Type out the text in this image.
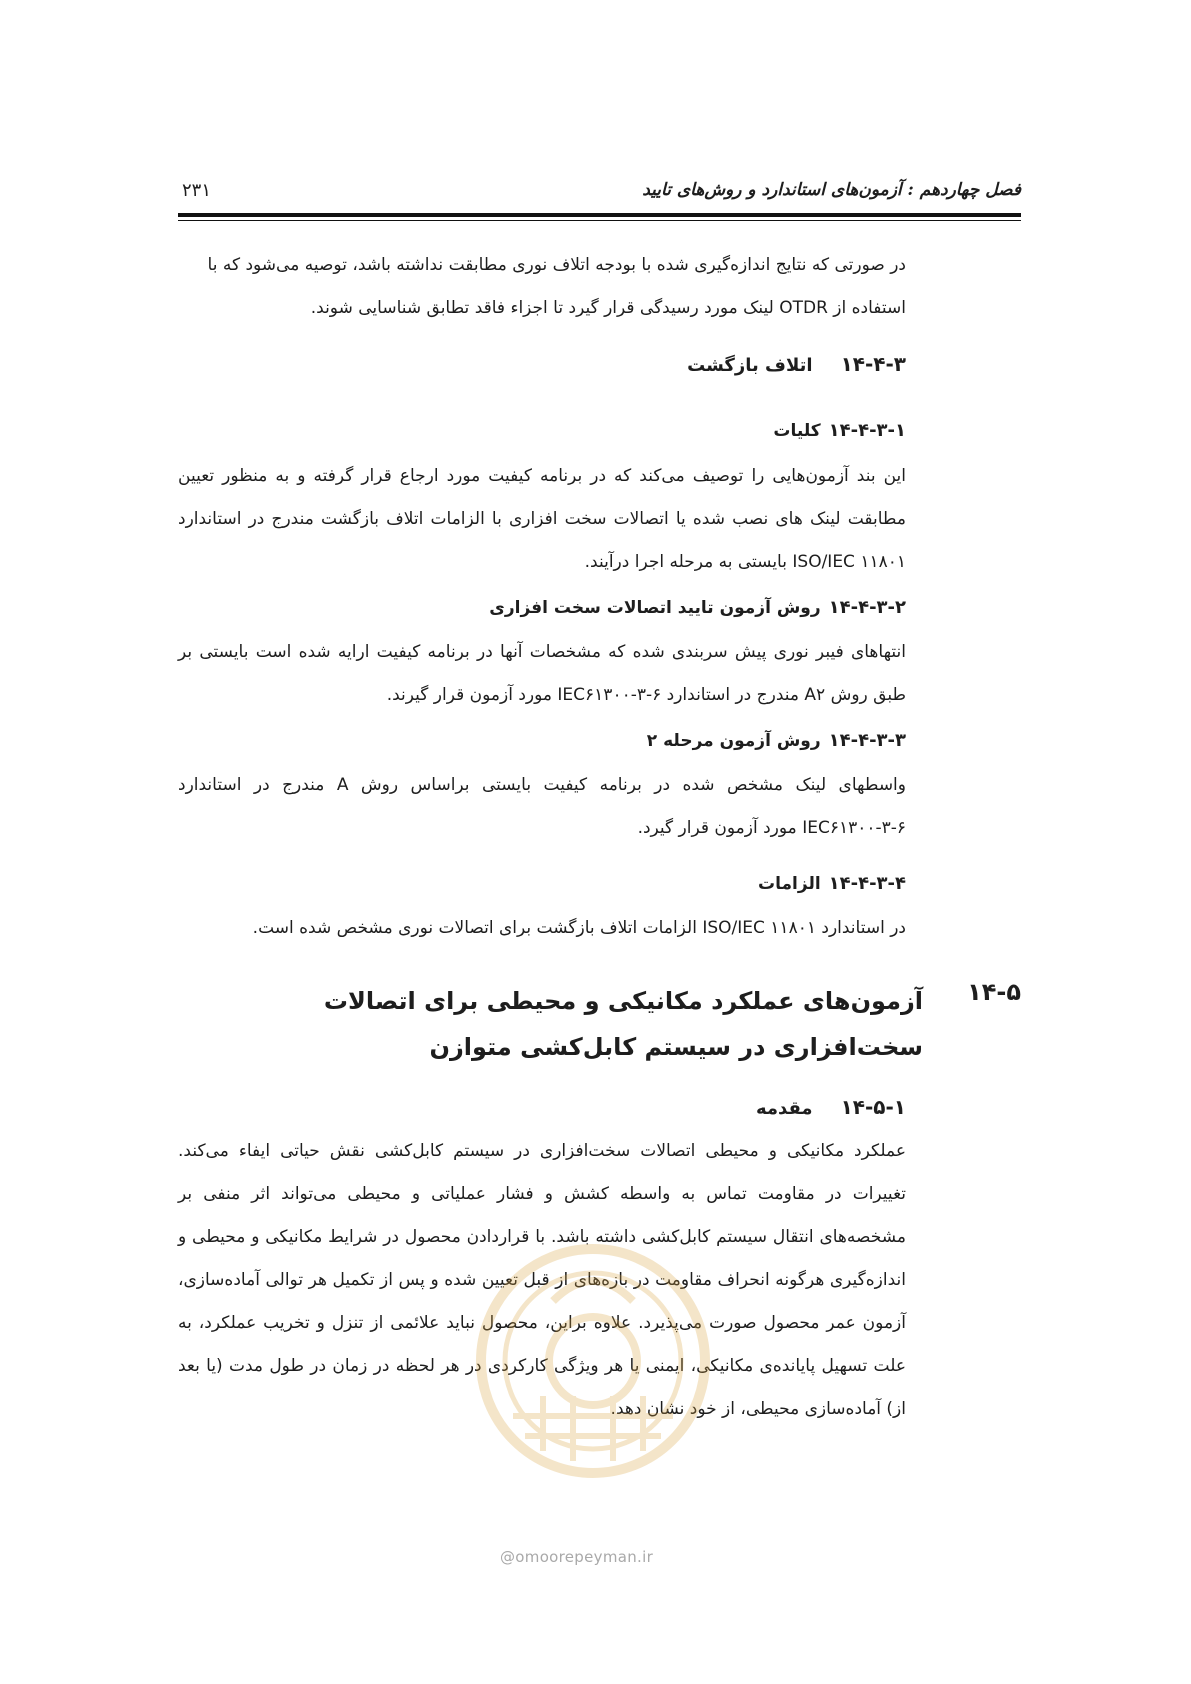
فصل چهاردهم : آزمون‌های استاندارد و روش‌های تایید
۲۳۱

در صورتی که نتایج اندازه‌گیری شده با بودجه اتلاف نوری مطابقت نداشته باشد، توصیه می‌شود که با استفاده از OTDR لینک مورد رسیدگی قرار گیرد تا اجزاء فاقد تطابق شناسایی شوند.

۱۴-۴-۳اتلاف بازگشت
۱۴-۴-۳-۱کلیات

این بند آزمون‌هایی را توصیف می‌کند که در برنامه کیفیت مورد ارجاع قرار گرفته و به منظور تعیین مطابقت لینک های نصب شده یا اتصالات سخت افزاری با الزامات اتلاف بازگشت مندرج در استاندارد ISO/IEC ۱۱۸۰۱ بایستی به مرحله اجرا درآیند.

۱۴-۴-۳-۲روش آزمون تایید اتصالات سخت افزاری

انتهاهای فیبر نوری پیش سربندی شده که مشخصات آنها در برنامه کیفیت ارایه شده است بایستی بر طبق روش A۲ مندرج در استاندارد IEC۶۱۳۰۰-۳-۶ مورد آزمون قرار گیرند.

۱۴-۴-۳-۳روش آزمون مرحله ۲

واسطهای لینک مشخص شده در برنامه کیفیت بایستی براساس روش A مندرج در استاندارد IEC۶۱۳۰۰-۳-۶ مورد آزمون قرار گیرد.

۱۴-۴-۳-۴الزامات

در استاندارد ISO/IEC ۱۱۸۰۱ الزامات اتلاف بازگشت برای اتصالات نوری مشخص شده است.

۱۴-۵
آزمون‌های عملکرد مکانیکی و محیطی برای اتصالات سخت‌افزاری در سیستم کابل‌کشی متوازن
۱۴-۵-۱مقدمه

عملکرد مکانیکی و محیطی اتصالات سخت‌افزاری در سیستم کابل‌کشی نقش حیاتی ایفاء می‌کند. تغییرات در مقاومت تماس به واسطه کشش و فشار عملیاتی و محیطی می‌تواند اثر منفی بر مشخصه‌های انتقال سیستم کابل‌کشی داشته باشد. با قراردادن محصول در شرایط مکانیکی و محیطی و اندازه‌گیری هرگونه انحراف مقاومت در بازه‌های از قبل تعیین شده و پس از تکمیل هر توالی آماده‌سازی، آزمون عمر محصول صورت می‌پذیرد. علاوه براین، محصول نباید علائمی از تنزل و تخریب عملکرد، به علت تسهیل پایانده‌ی مکانیکی، ایمنی یا هر ویژگی کارکردی در هر لحظه در زمان در طول مدت (یا بعد از) آماده‌سازی محیطی، از خود نشان دهد.

@omoorepeyman.ir
